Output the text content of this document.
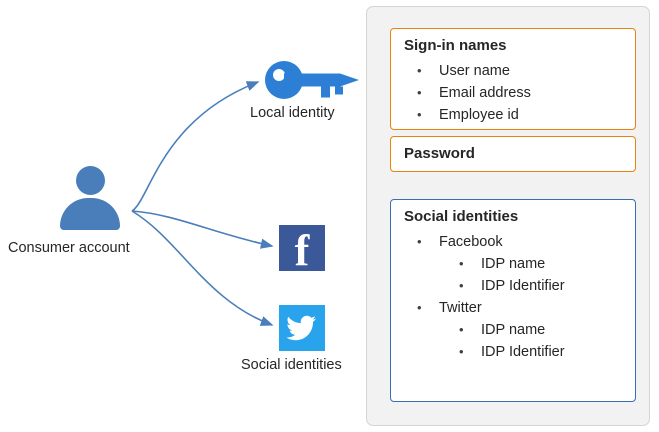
Consumer account
Local identity
f
Social identities
Sign-in names
• User name
• Email address
• Employee id
Password
Social identities
• Facebook
• IDP name
• IDP Identifier
• Twitter
• IDP name
• IDP Identifier
